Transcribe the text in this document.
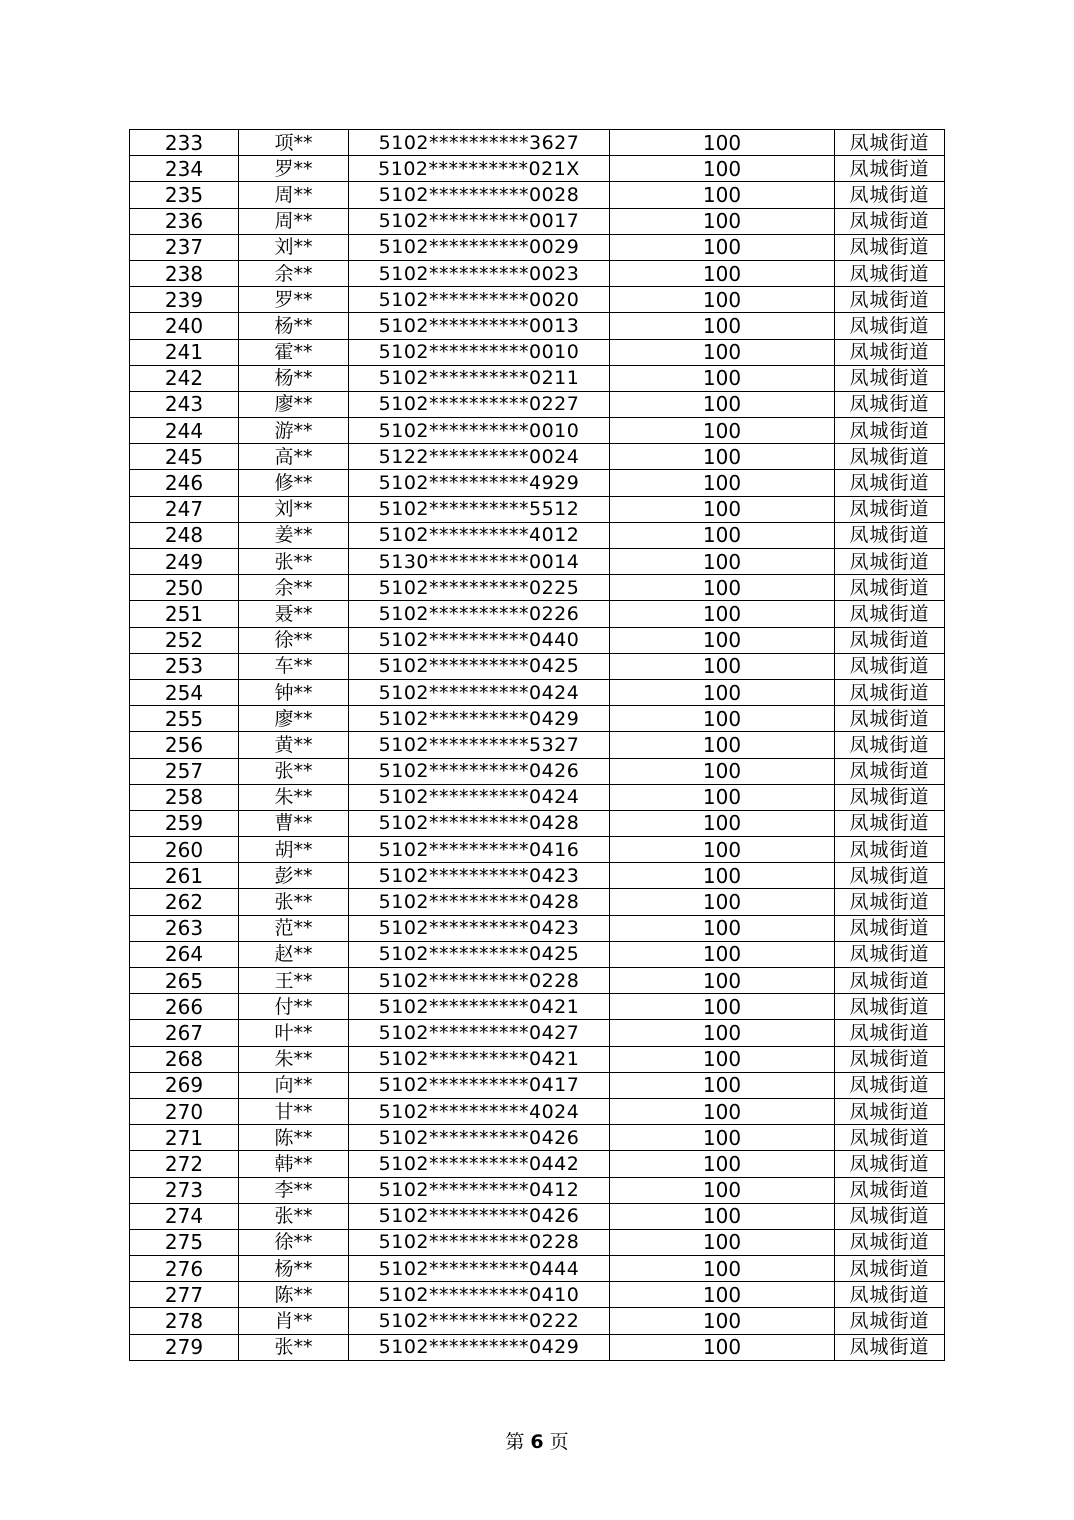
233	项**	5102**********3627	100	凤城街道
234	罗**	5102**********021X	100	凤城街道
235	周**	5102**********0028	100	凤城街道
236	周**	5102**********0017	100	凤城街道
237	刘**	5102**********0029	100	凤城街道
238	余**	5102**********0023	100	凤城街道
239	罗**	5102**********0020	100	凤城街道
240	杨**	5102**********0013	100	凤城街道
241	霍**	5102**********0010	100	凤城街道
242	杨**	5102**********0211	100	凤城街道
243	廖**	5102**********0227	100	凤城街道
244	游**	5102**********0010	100	凤城街道
245	高**	5122**********0024	100	凤城街道
246	修**	5102**********4929	100	凤城街道
247	刘**	5102**********5512	100	凤城街道
248	姜**	5102**********4012	100	凤城街道
249	张**	5130**********0014	100	凤城街道
250	余**	5102**********0225	100	凤城街道
251	聂**	5102**********0226	100	凤城街道
252	徐**	5102**********0440	100	凤城街道
253	车**	5102**********0425	100	凤城街道
254	钟**	5102**********0424	100	凤城街道
255	廖**	5102**********0429	100	凤城街道
256	黄**	5102**********5327	100	凤城街道
257	张**	5102**********0426	100	凤城街道
258	朱**	5102**********0424	100	凤城街道
259	曹**	5102**********0428	100	凤城街道
260	胡**	5102**********0416	100	凤城街道
261	彭**	5102**********0423	100	凤城街道
262	张**	5102**********0428	100	凤城街道
263	范**	5102**********0423	100	凤城街道
264	赵**	5102**********0425	100	凤城街道
265	王**	5102**********0228	100	凤城街道
266	付**	5102**********0421	100	凤城街道
267	叶**	5102**********0427	100	凤城街道
268	朱**	5102**********0421	100	凤城街道
269	向**	5102**********0417	100	凤城街道
270	甘**	5102**********4024	100	凤城街道
271	陈**	5102**********0426	100	凤城街道
272	韩**	5102**********0442	100	凤城街道
273	李**	5102**********0412	100	凤城街道
274	张**	5102**********0426	100	凤城街道
275	徐**	5102**********0228	100	凤城街道
276	杨**	5102**********0444	100	凤城街道
277	陈**	5102**********0410	100	凤城街道
278	肖**	5102**********0222	100	凤城街道
279	张**	5102**********0429	100	凤城街道
第 6 页
